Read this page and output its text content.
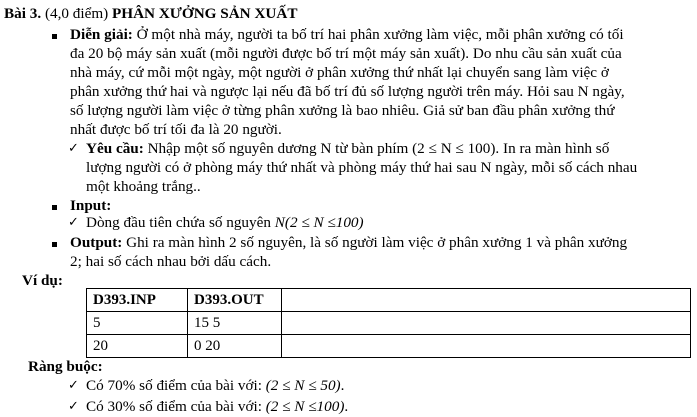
Bài 3. (4,0 điểm) PHÂN XƯỞNG SẢN XUẤT
Diễn giải: Ở một nhà máy, người ta bố trí hai phân xưởng làm việc, mỗi phân xưởng có tối
đa 20 bộ máy sản xuất (mỗi người được bố trí một máy sản xuất). Do nhu cầu sản xuất của
nhà máy, cứ mỗi một ngày, một người ở phân xưởng thứ nhất lại chuyển sang làm việc ở
phân xưởng thứ hai và ngược lại nếu đã bố trí đủ số lượng người trên máy. Hỏi sau N ngày,
số lượng người làm việc ở từng phân xưởng là bao nhiêu. Giả sử ban đầu phân xưởng thứ
nhất được bố trí tối đa là 20 người.
✓ Yêu cầu: Nhập một số nguyên dương N từ bàn phím (2 ≤ N ≤ 100). In ra màn hình số
lượng người có ở phòng máy thứ nhất và phòng máy thứ hai sau N ngày, mỗi số cách nhau
một khoảng trắng..
Input:
✓ Dòng đầu tiên chứa số nguyên N(2 ≤ N ≤100)
Output: Ghi ra màn hình 2 số nguyên, là số người làm việc ở phân xưởng 1 và phân xưởng
2; hai số cách nhau bởi dấu cách.
Ví dụ:
D393.INP	D393.OUT	
5	15 5	
20	0 20	
Ràng buộc:
✓ Có 70% số điểm của bài với: (2 ≤ N ≤ 50).
✓ Có 30% số điểm của bài với: (2 ≤ N ≤100).
